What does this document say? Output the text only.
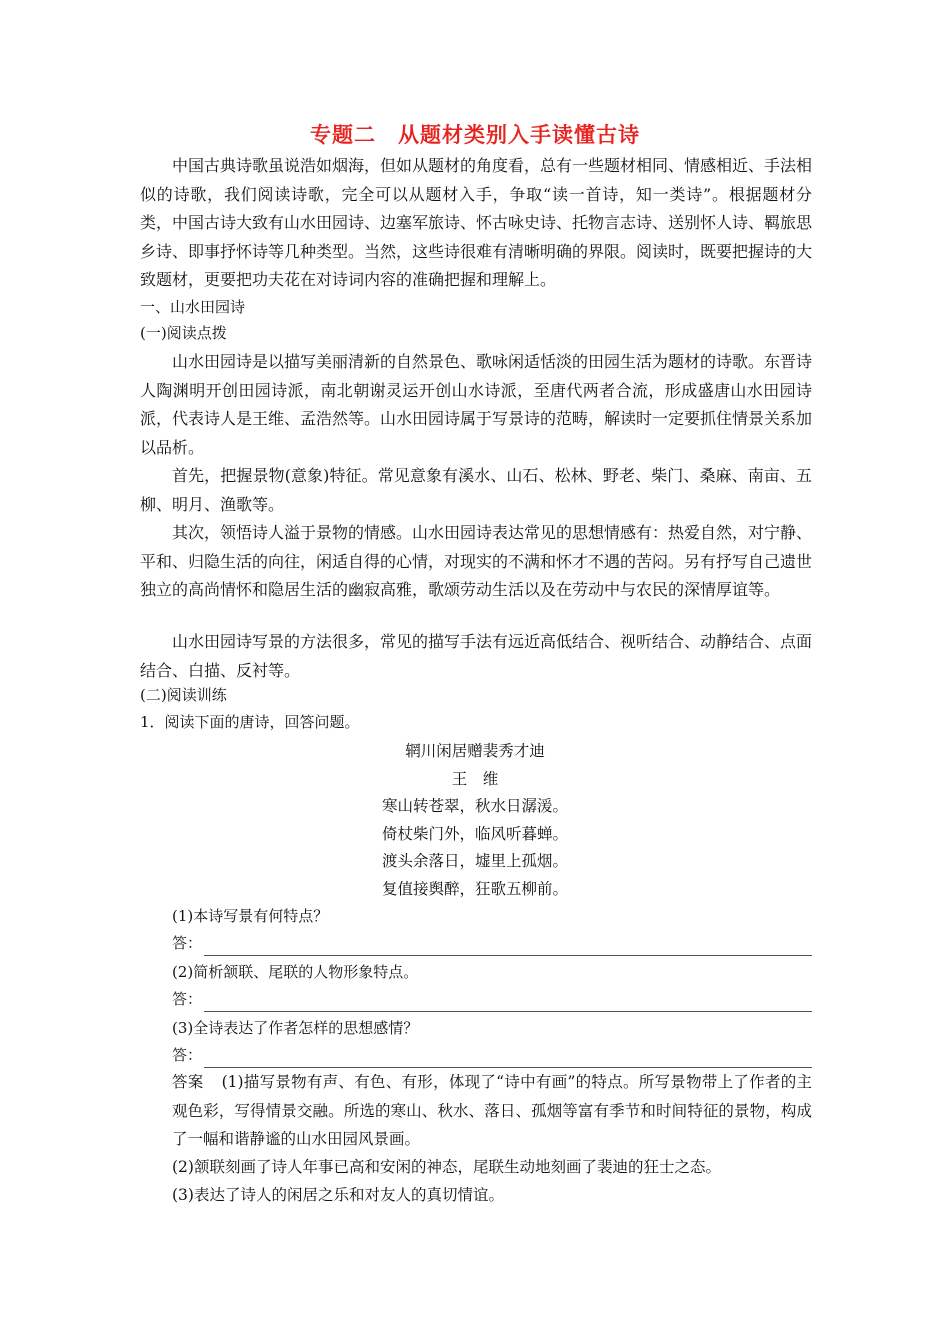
专题二　从题材类别入手读懂古诗
中国古典诗歌虽说浩如烟海，但如从题材的角度看，总有一些题材相同、情感相近、手法相似的诗歌，我们阅读诗歌，完全可以从题材入手，争取“读一首诗，知一类诗”。根据题材分类，中国古诗大致有山水田园诗、边塞军旅诗、怀古咏史诗、托物言志诗、送别怀人诗、羁旅思乡诗、即事抒怀诗等几种类型。当然，这些诗很难有清晰明确的界限。阅读时，既要把握诗的大致题材，更要把功夫花在对诗词内容的准确把握和理解上。
一、山水田园诗
(一)阅读点拨
山水田园诗是以描写美丽清新的自然景色、歌咏闲适恬淡的田园生活为题材的诗歌。东晋诗人陶渊明开创田园诗派，南北朝谢灵运开创山水诗派，至唐代两者合流，形成盛唐山水田园诗派，代表诗人是王维、孟浩然等。山水田园诗属于写景诗的范畴，解读时一定要抓住情景关系加以品析。
首先，把握景物(意象)特征。常见意象有溪水、山石、松林、野老、柴门、桑麻、南亩、五柳、明月、渔歌等。
其次，领悟诗人溢于景物的情感。山水田园诗表达常见的思想情感有：热爱自然，对宁静、平和、归隐生活的向往，闲适自得的心情，对现实的不满和怀才不遇的苦闷。另有抒写自己遗世独立的高尚情怀和隐居生活的幽寂高雅，歌颂劳动生活以及在劳动中与农民的深情厚谊等。
山水田园诗写景的方法很多，常见的描写手法有远近高低结合、视听结合、动静结合、点面结合、白描、反衬等。
(二)阅读训练
1．阅读下面的唐诗，回答问题。
辋川闲居赠裴秀才迪
王　维
寒山转苍翠，秋水日潺湲。
倚杖柴门外，临风听暮蝉。
渡头余落日，墟里上孤烟。
复值接舆醉，狂歌五柳前。
(1)本诗写景有何特点？
答：
(2)简析颔联、尾联的人物形象特点。
答：
(3)全诗表达了作者怎样的思想感情？
答：
答案 (1)描写景物有声、有色、有形，体现了“诗中有画”的特点。所写景物带上了作者的主观色彩，写得情景交融。所选的寒山、秋水、落日、孤烟等富有季节和时间特征的景物，构成了一幅和谐静谧的山水田园风景画。
(2)颔联刻画了诗人年事已高和安闲的神态，尾联生动地刻画了裴迪的狂士之态。
(3)表达了诗人的闲居之乐和对友人的真切情谊。
